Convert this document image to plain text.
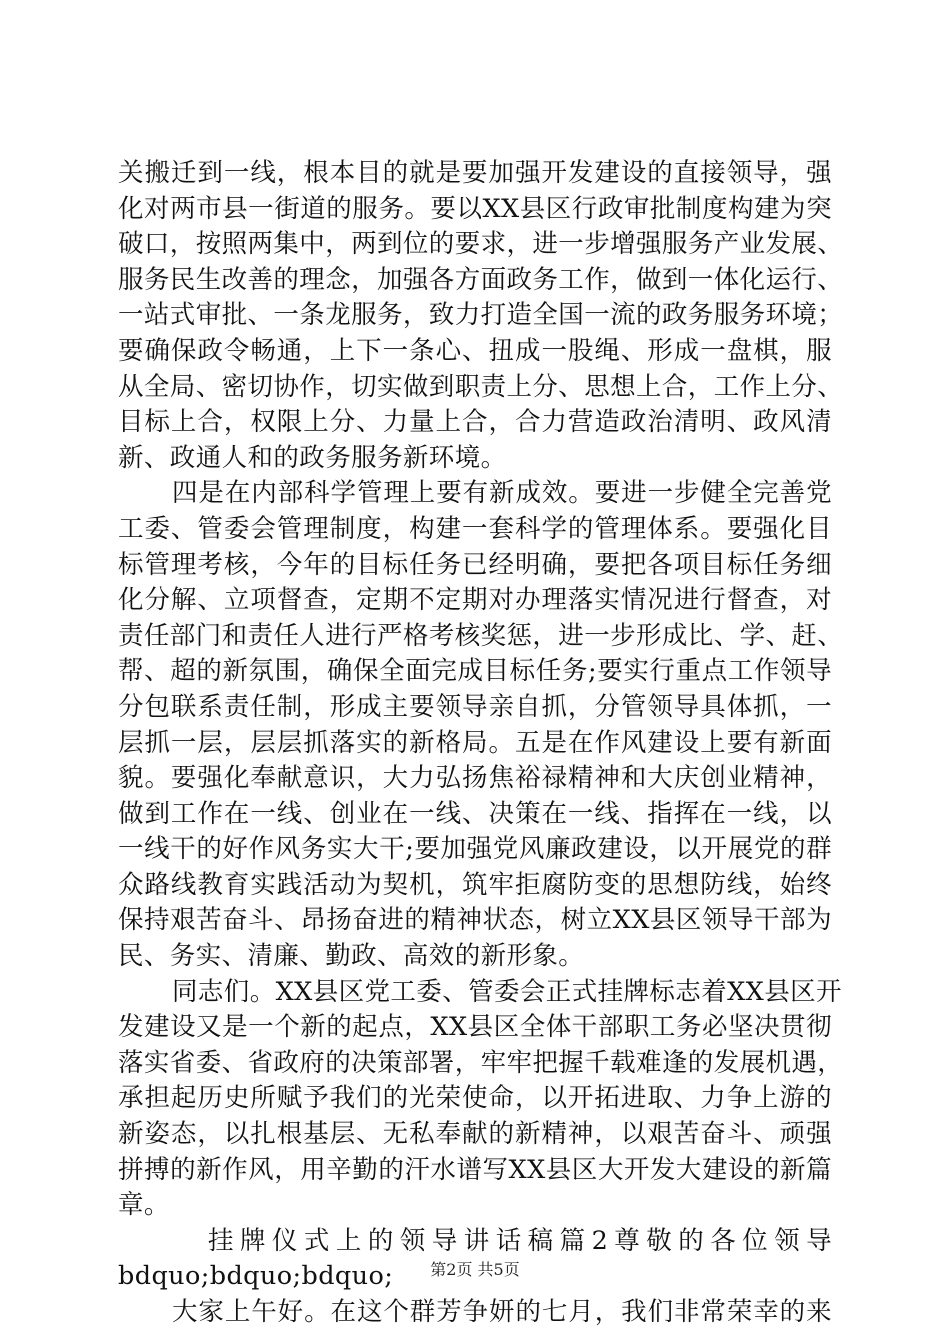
关搬迁到一线，根本目的就是要加强开发建设的直接领导，强
化对两市县一街道的服务。要以XX县区行政审批制度构建为突
破口，按照两集中，两到位的要求，进一步增强服务产业发展、
服务民生改善的理念，加强各方面政务工作，做到一体化运行、
一站式审批、一条龙服务，致力打造全国一流的政务服务环境；
要确保政令畅通，上下一条心、扭成一股绳、形成一盘棋，服
从全局、密切协作，切实做到职责上分、思想上合，工作上分、
目标上合，权限上分、力量上合，合力营造政治清明、政风清
新、政通人和的政务服务新环境。
四是在内部科学管理上要有新成效。要进一步健全完善党
工委、管委会管理制度，构建一套科学的管理体系。要强化目
标管理考核，今年的目标任务已经明确，要把各项目标任务细
化分解、立项督查，定期不定期对办理落实情况进行督查，对
责任部门和责任人进行严格考核奖惩，进一步形成比、学、赶、
帮、超的新氛围，确保全面完成目标任务;要实行重点工作领导
分包联系责任制，形成主要领导亲自抓，分管领导具体抓，一
层抓一层，层层抓落实的新格局。五是在作风建设上要有新面
貌。要强化奉献意识，大力弘扬焦裕禄精神和大庆创业精神，
做到工作在一线、创业在一线、决策在一线、指挥在一线，以
一线干的好作风务实大干;要加强党风廉政建设，以开展党的群
众路线教育实践活动为契机，筑牢拒腐防变的思想防线，始终
保持艰苦奋斗、昂扬奋进的精神状态，树立XX县区领导干部为
民、务实、清廉、勤政、高效的新形象。
同志们。XX县区党工委、管委会正式挂牌标志着XX县区开
发建设又是一个新的起点，XX县区全体干部职工务必坚决贯彻
落实省委、省政府的决策部署，牢牢把握千载难逢的发展机遇，
承担起历史所赋予我们的光荣使命，以开拓进取、力争上游的
新姿态，以扎根基层、无私奉献的新精神，以艰苦奋斗、顽强
拼搏的新作风，用辛勤的汗水谱写XX县区大开发大建设的新篇
章。
挂牌仪式上的领导讲话稿篇2尊敬的各位领导
bdquo;bdquo;bdquo;
大家上午好。在这个群芳争妍的七月，我们非常荣幸的来
第2页 共5页
